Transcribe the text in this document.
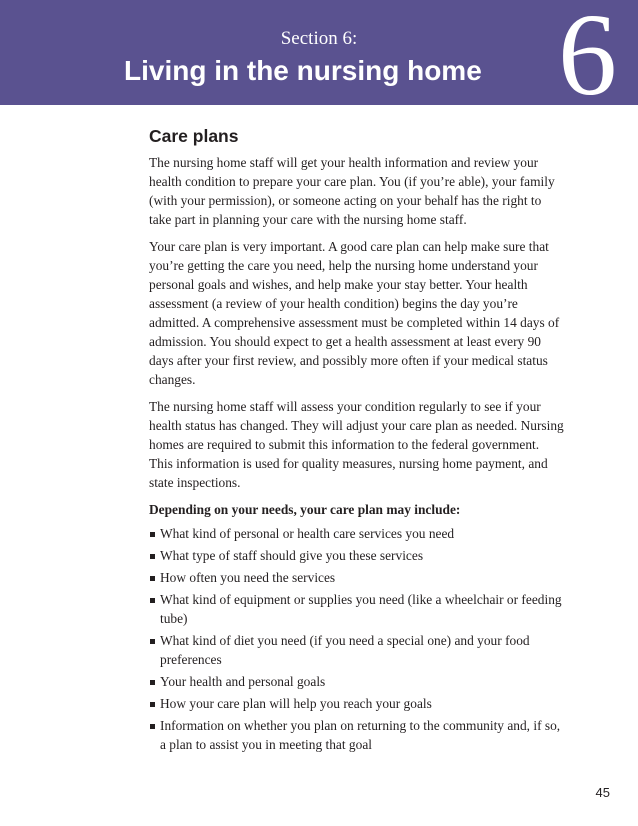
Section 6:
Living in the nursing home 6
Care plans

The nursing home staff will get your health information and review your health condition to prepare your care plan. You (if you’re able), your family (with your permission), or someone acting on your behalf has the right to take part in planning your care with the nursing home staff.

Your care plan is very important. A good care plan can help make sure that you’re getting the care you need, help the nursing home understand your personal goals and wishes, and help make your stay better. Your health assessment (a review of your health condition) begins the day you’re admitted. A comprehensive assessment must be completed within 14 days of admission. You should expect to get a health assessment at least every 90 days after your first review, and possibly more often if your medical status changes.

The nursing home staff will assess your condition regularly to see if your health status has changed. They will adjust your care plan as needed. Nursing homes are required to submit this information to the federal government. This information is used for quality measures, nursing home payment, and state inspections.

Depending on your needs, your care plan may include:
What kind of personal or health care services you need
What type of staff should give you these services
How often you need the services
What kind of equipment or supplies you need (like a wheelchair or feeding tube)
What kind of diet you need (if you need a special one) and your food preferences
Your health and personal goals
How your care plan will help you reach your goals
Information on whether you plan on returning to the community and, if so, a plan to assist you in meeting that goal
45
